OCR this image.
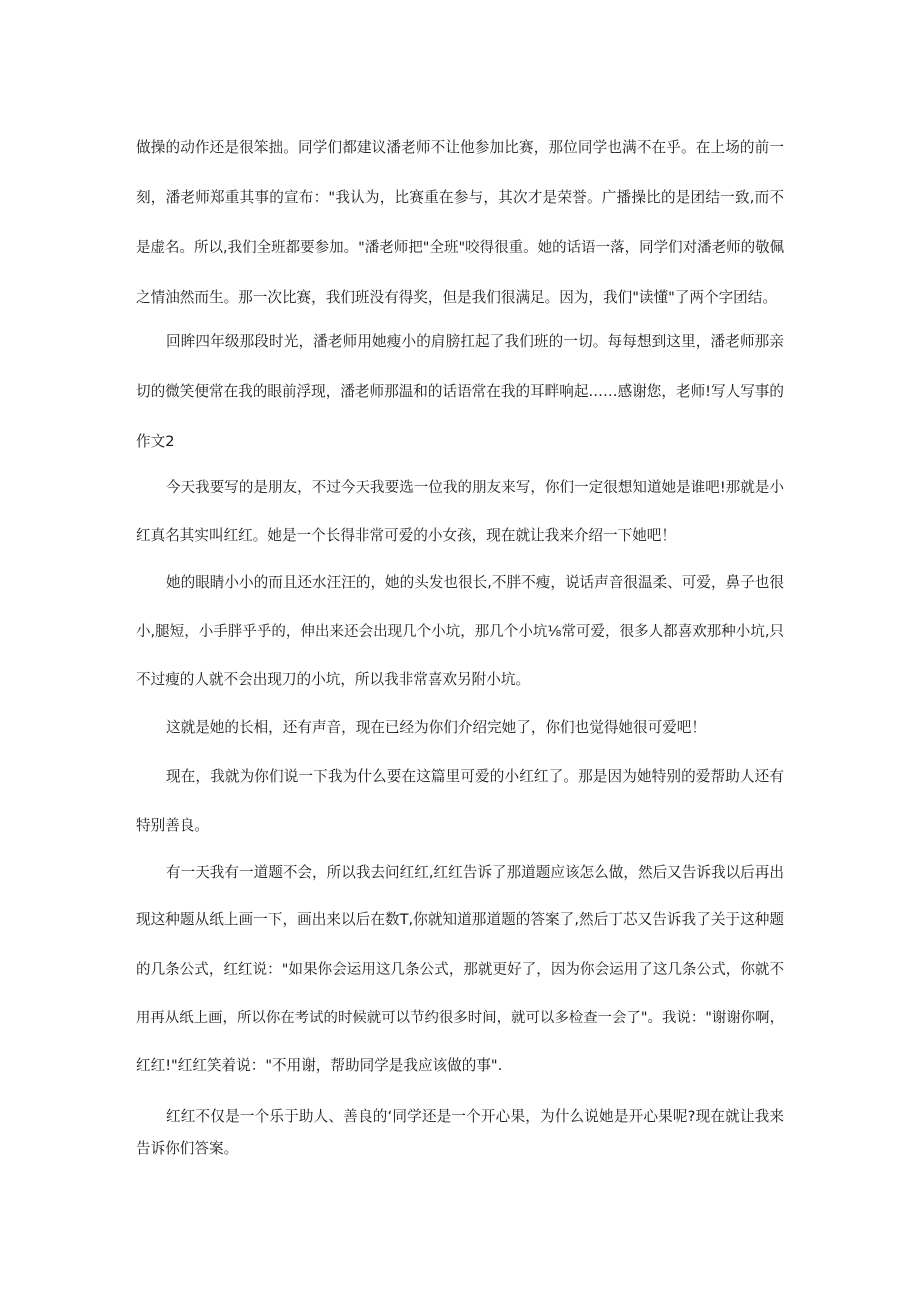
做操的动作还是很笨拙。同学们都建议潘老师不让他参加比赛，那位同学也满不在乎。在上场的前一

刻，潘老师郑重其事的宣布："我认为，比赛重在参与，其次才是荣誉。广播操比的是团结一致,而不

是虚名。所以,我们全班都要参加。"潘老师把"全班"咬得很重。她的话语一落，同学们对潘老师的敬佩

之情油然而生。那一次比赛，我们班没有得奖，但是我们很满足。因为，我们"读懂"了两个字团结。

回眸四年级那段时光，潘老师用她瘦小的肩膀扛起了我们班的一切。每每想到这里，潘老师那亲

切的微笑便常在我的眼前浮现，潘老师那温和的话语常在我的耳畔响起……感谢您，老师!写人写事的

作文2

今天我要写的是朋友，不过今天我要选一位我的朋友来写，你们一定很想知道她是谁吧!那就是小

红真名其实叫红红。她是一个长得非常可爱的小女孩，现在就让我来介绍一下她吧！

她的眼睛小小的而且还水汪汪的，她的头发也很长,不胖不瘦，说话声音很温柔、可爱，鼻子也很

小,腿短，小手胖乎乎的，伸出来还会出现几个小坑，那几个小坑⅛常可爱，很多人都喜欢那种小坑,只

不过瘦的人就不会出现刀的小坑，所以我非常喜欢另附小坑。

这就是她的长相，还有声音，现在已经为你们介绍完她了，你们也觉得她很可爱吧！

现在，我就为你们说一下我为什么要在这篇里可爱的小红红了。那是因为她特别的爱帮助人还有

特别善良。

有一天我有一道题不会，所以我去问红红,红红告诉了那道题应该怎么做，然后又告诉我以后再出

现这种题从纸上画一下，画出来以后在数T,你就知道那道题的答案了,然后丁芯又告诉我了关于这种题

的几条公式，红红说："如果你会运用这几条公式，那就更好了，因为你会运用了这几条公式，你就不

用再从纸上画，所以你在考试的时候就可以节约很多时间，就可以多检查一会了"。我说："谢谢你啊，

红红!"红红笑着说："不用谢，帮助同学是我应该做的事".

红红不仅是一个乐于助人、善良的‘同学还是一个开心果，为什么说她是开心果呢?现在就让我来

告诉你们答案。
